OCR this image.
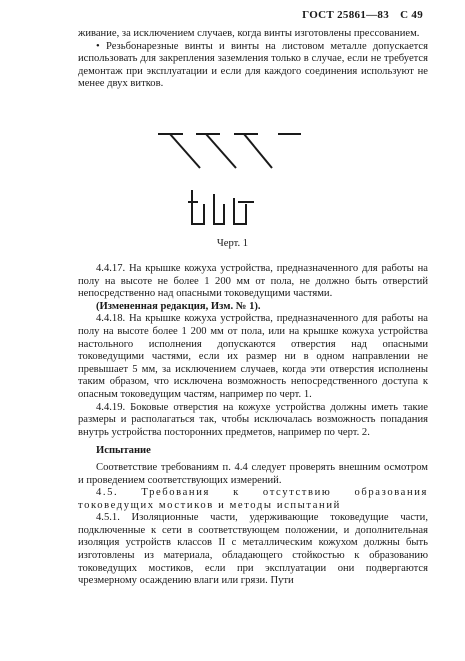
ГОСТ 25861—83 С 49

живание, за исключением случаев, когда винты изготовлены прессованием.

• Резьбонарезные винты и винты на листовом металле допускается использовать для закрепления заземления только в случае, если не требуется демонтаж при эксплуатации и если для каждого соединения используют не менее двух витков.

Черт. 1

4.4.17. На крышке кожуха устройства, предназначенного для работы на полу на высоте не более 1 200 мм от пола, не должно быть отверстий непосредственно над опасными токоведущими частями.

(Измененная редакция, Изм. № 1).

4.4.18. На крышке кожуха устройства, предназначенного для работы на полу на высоте более 1 200 мм от пола, или на крышке кожуха устройства настольного исполнения допускаются отверстия над опасными токоведущими частями, если их размер ни в одном направлении не превышает 5 мм, за исключением случаев, когда эти отверстия исполнены таким образом, что исключена возможность непосредственного доступа к опасным токоведущим частям, например по черт. 1.

4.4.19. Боковые отверстия на кожухе устройства должны иметь такие размеры и располагаться так, чтобы исключалась возможность попадания внутрь устройства посторонних предметов, например по черт. 2.

Испытание

Соответствие требованиям п. 4.4 следует проверять внешним осмотром и проведением соответствующих измерений.

4.5. Требования к отсутствию образования токоведущих мостиков и методы испытаний

4.5.1. Изоляционные части, удерживающие токоведущие части, подключенные к сети в соответствующем положении, и дополнительная изоляция устройств классов II с металлическим кожухом должны быть изготовлены из материала, обладающего стойкостью к образованию токоведущих мостиков, если при эксплуатации они подвергаются чрезмерному осаждению влаги или грязи. Пути
